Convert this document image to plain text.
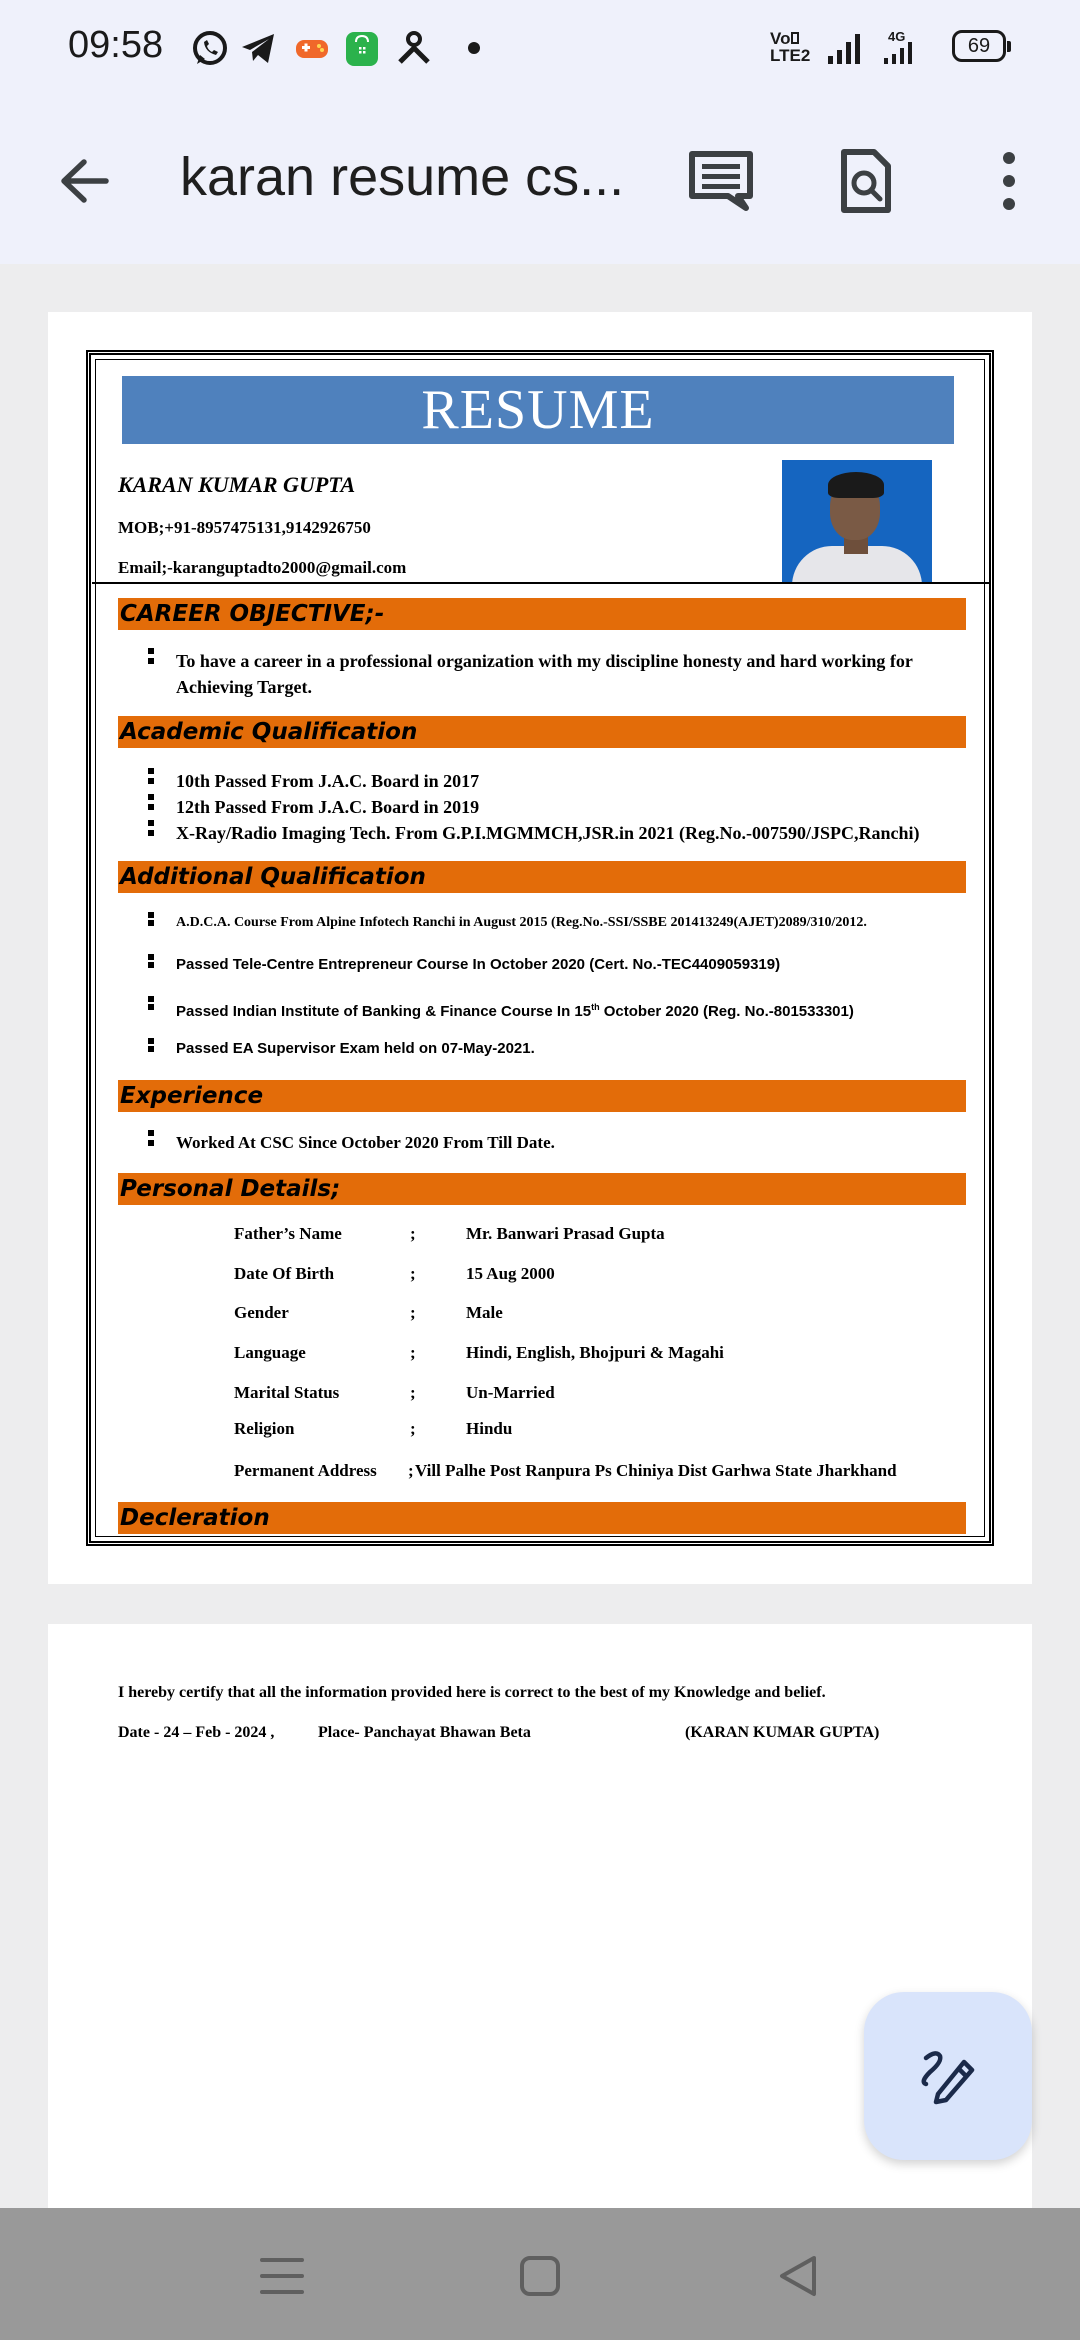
09:58	Vo
LTE2
4G	69
karan resume cs...
RESUME
KARAN KUMAR GUPTA
MOB;+91-8957475131,9142926750
Email;-karanguptadto2000@gmail.com
CAREER OBJECTIVE;-
To have a career in a professional organization with my discipline honesty and hard working for Achieving Target.
Academic Qualification
10th Passed From J.A.C. Board in 2017
12th Passed From J.A.C. Board in 2019
X-Ray/Radio Imaging Tech. From G.P.I.MGMMCH,JSR.in 2021 (Reg.No.-007590/JSPC,Ranchi)
Additional Qualification
A.D.C.A. Course From Alpine Infotech Ranchi in August 2015 (Reg.No.-SSI/SSBE 201413249(AJET)2089/310/2012.
Passed Tele-Centre Entrepreneur Course In October 2020 (Cert. No.-TEC4409059319)
Passed Indian Institute of Banking & Finance Course In 15th October 2020 (Reg. No.-801533301)
Passed EA Supervisor Exam held on 07-May-2021.
Experience
Worked At CSC Since October 2020 From Till Date.
Personal Details;
Father’s Name	;	Mr. Banwari Prasad Gupta
Date Of Birth	;	15 Aug 2000
Gender	;	Male
Language	;	Hindi, English, Bhojpuri & Magahi
Marital Status	;	Un-Married
Religion	;	Hindu
Permanent Address ; Vill Palhe Post Ranpura Ps Chiniya Dist Garhwa State Jharkhand
Decleration
I hereby certify that all the information provided here is correct to the best of my Knowledge and belief.
Date - 24 – Feb - 2024 ,	Place- Panchayat Bhawan Beta	(KARAN KUMAR GUPTA)
